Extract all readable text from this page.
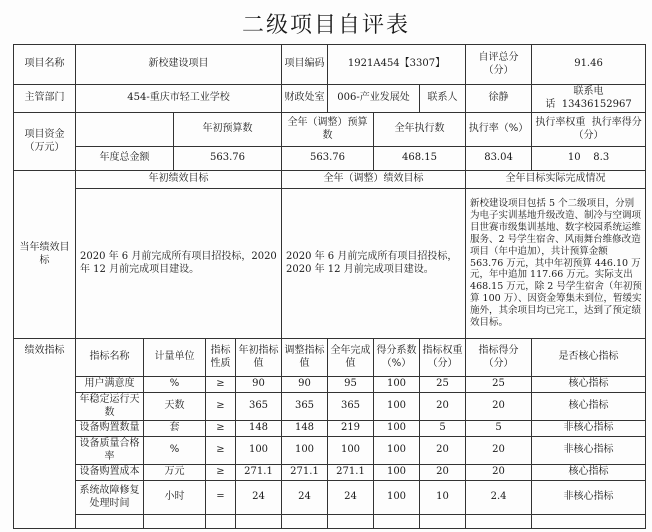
二级项目自评表
项目名称	新校建设项目					项目编码	1921A454【3307】			自评总分（分）	91.46
主管部门	454-重庆市轻工业学校					财政处室	006-产业发展处		联系人	徐静	联系电话 13436152967
项目资金（万元）			年初预算数			全年（调整）预算数		全年执行数		执行率（%）	执行率权重 执行率得分（分）
	年度总金额		563.76			563.76		468.15		83.04	10 8.3
当年绩效目标	年初绩效目标					全年（调整）绩效目标				全年目标实际完成情况	
	2020 年 6 月前完成所有项目招投标，2020 年 12 月前完成项目建设。					2020 年 6 月前完成所有项目招投标，2020 年 12 月前完成项目建设。				新校建设项目包括 5 个二级项目，分别为电子实训基地升级改造、制冷与空调项目世赛市级集训基地、数字校园系统运维服务、2 号学生宿舍、风雨舞台维修改造项目（年中追加），共计预算金额 563.76 万元，其中年初预算 446.10 万元，年中追加 117.66 万元。实际支出 468.15 万元，除 2 号学生宿舍（年初预算 100 万）、因资金筹集未到位，暂缓实施外，其余项目均已完工，达到了预定绩效目标。	
绩效指标	指标名称	计量单位		指标性质	年初指标值	调整指标值	全年完成值	得分系数（%）	指标权重（分）	指标得分（分）	是否核心指标
	用户满意度	%		≥	90	90	95	100	25	25	核心指标
	年稳定运行天数	天数		≥	365	365	365	100	20	20	核心指标
	设备购置数量	套		≥	148	148	219	100	5	5	非核心指标
	设备质量合格率	%		≥	100	100	100	100	20	20	非核心指标
	设备购置成本	万元		≥	271.1	271.1	271.1	100	20	20	核心指标
	系统故障修复处理时间	小时		=	24	24	24	100	10	2.4	非核心指标
